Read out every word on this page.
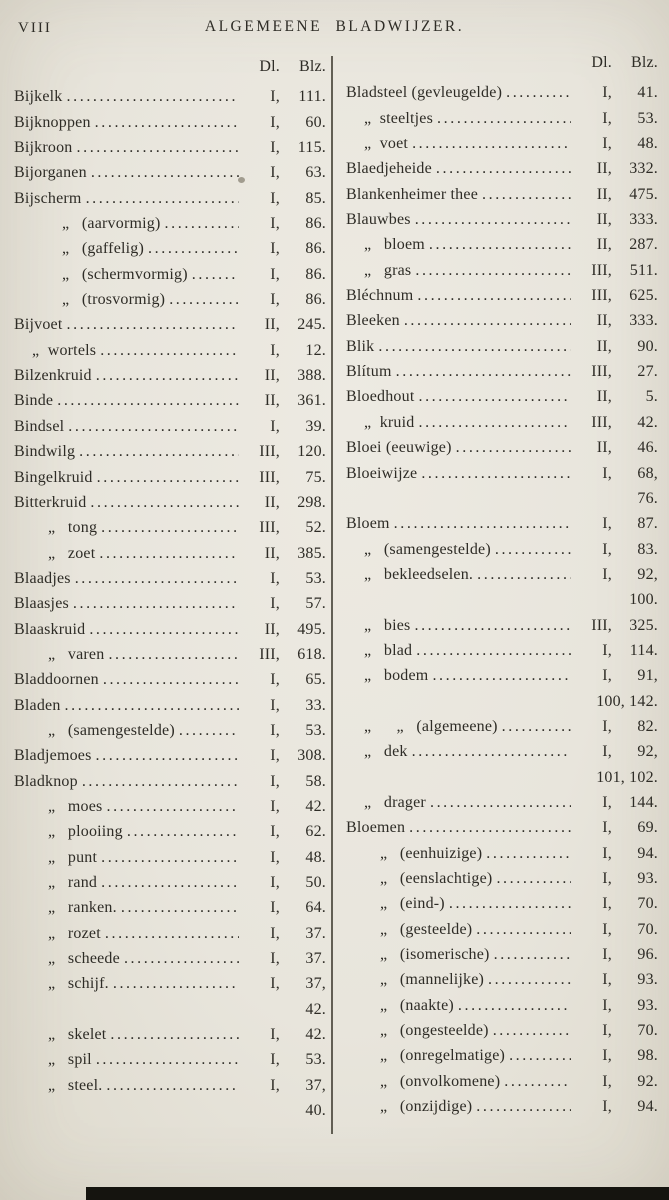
VIII	ALGEMEENE BLADWIJZER.
Dl.	Blz.
Bijkelk .....	I,	111.
Bijknoppen .....	I,	60.
Bijkroon .....	I,	115.
Bijorganen .....	I,	63.
Bijscherm .....	I,	85.
„   (aarvormig) .....	I,	86.
„   (gaffelig) .....	I,	86.
„   (schermvormig) .....	I,	86.
„   (trosvormig) .....	I,	86.
Bijvoet .....	II,	245.
„  wortels .....	I,	12.
Bilzenkruid .....	II,	388.
Binde .....	II,	361.
Bindsel .....	I,	39.
Bindwilg .....	III,	120.
Bingelkruid .....	III,	75.
Bitterkruid .....	II,	298.
„   tong .....	III,	52.
„   zoet .....	II,	385.
Blaadjes .....	I,	53.
Blaasjes .....	I,	57.
Blaaskruid .....	II,	495.
„   varen .....	III,	618.
Bladdoornen .....	I,	65.
Bladen .....	I,	33.
„   (samengestelde) .....	I,	53.
Bladjemoes .....	I,	308.
Bladknop .....	I,	58.
„   moes .....	I,	42.
„   plooiing .....	I,	62.
„   punt .....	I,	48.
„   rand .....	I,	50.
„   ranken. .....	I,	64.
„   rozet .....	I,	37.
„   scheede .....	I,	37.
„   schijf. .....	I,	37,
42.
„   skelet .....	I,	42.
„   spil .....	I,	53.
„   steel. .....	I,	37,
40.
Dl.	Blz.
Bladsteel (gevleugelde) .....	I,	41.
„  steeltjes .....	I,	53.
„  voet .....	I,	48.
Blaedjeheide .....	II,	332.
Blankenheimer thee .....	II,	475.
Blauwbes .....	II,	333.
„   bloem .....	II,	287.
„   gras .....	III,	511.
Bléchnum .....	III,	625.
Bleeken .....	II,	333.
Blik .....	II,	90.
Blítum .....	III,	27.
Bloedhout .....	II,	5.
„  kruid .....	III,	42.
Bloei (eeuwige) .....	II,	46.
Bloeiwijze .....	I,	68,
76.
Bloem .....	I,	87.
„   (samengestelde) .....	I,	83.
„   bekleedselen. .....	I,	92,
100.
„   bies .....	III,	325.
„   blad .....	I,	114.
„   bodem .....	I,	91,
100, 142.
„      „   (algemeene) .....	I,	82.
„   dek .....	I,	92,
101, 102.
„   drager .....	I,	144.
Bloemen .....	I,	69.
„   (eenhuizige) .....	I,	94.
„   (eenslachtige) .....	I,	93.
„   (eind-) .....	I,	70.
„   (gesteelde) .....	I,	70.
„   (isomerische) .....	I,	96.
„   (mannelijke) .....	I,	93.
„   (naakte) .....	I,	93.
„   (ongesteelde) .....	I,	70.
„   (onregelmatige) .....	I,	98.
„   (onvolkomene) .....	I,	92.
„   (onzijdige) .....	I,	94.
